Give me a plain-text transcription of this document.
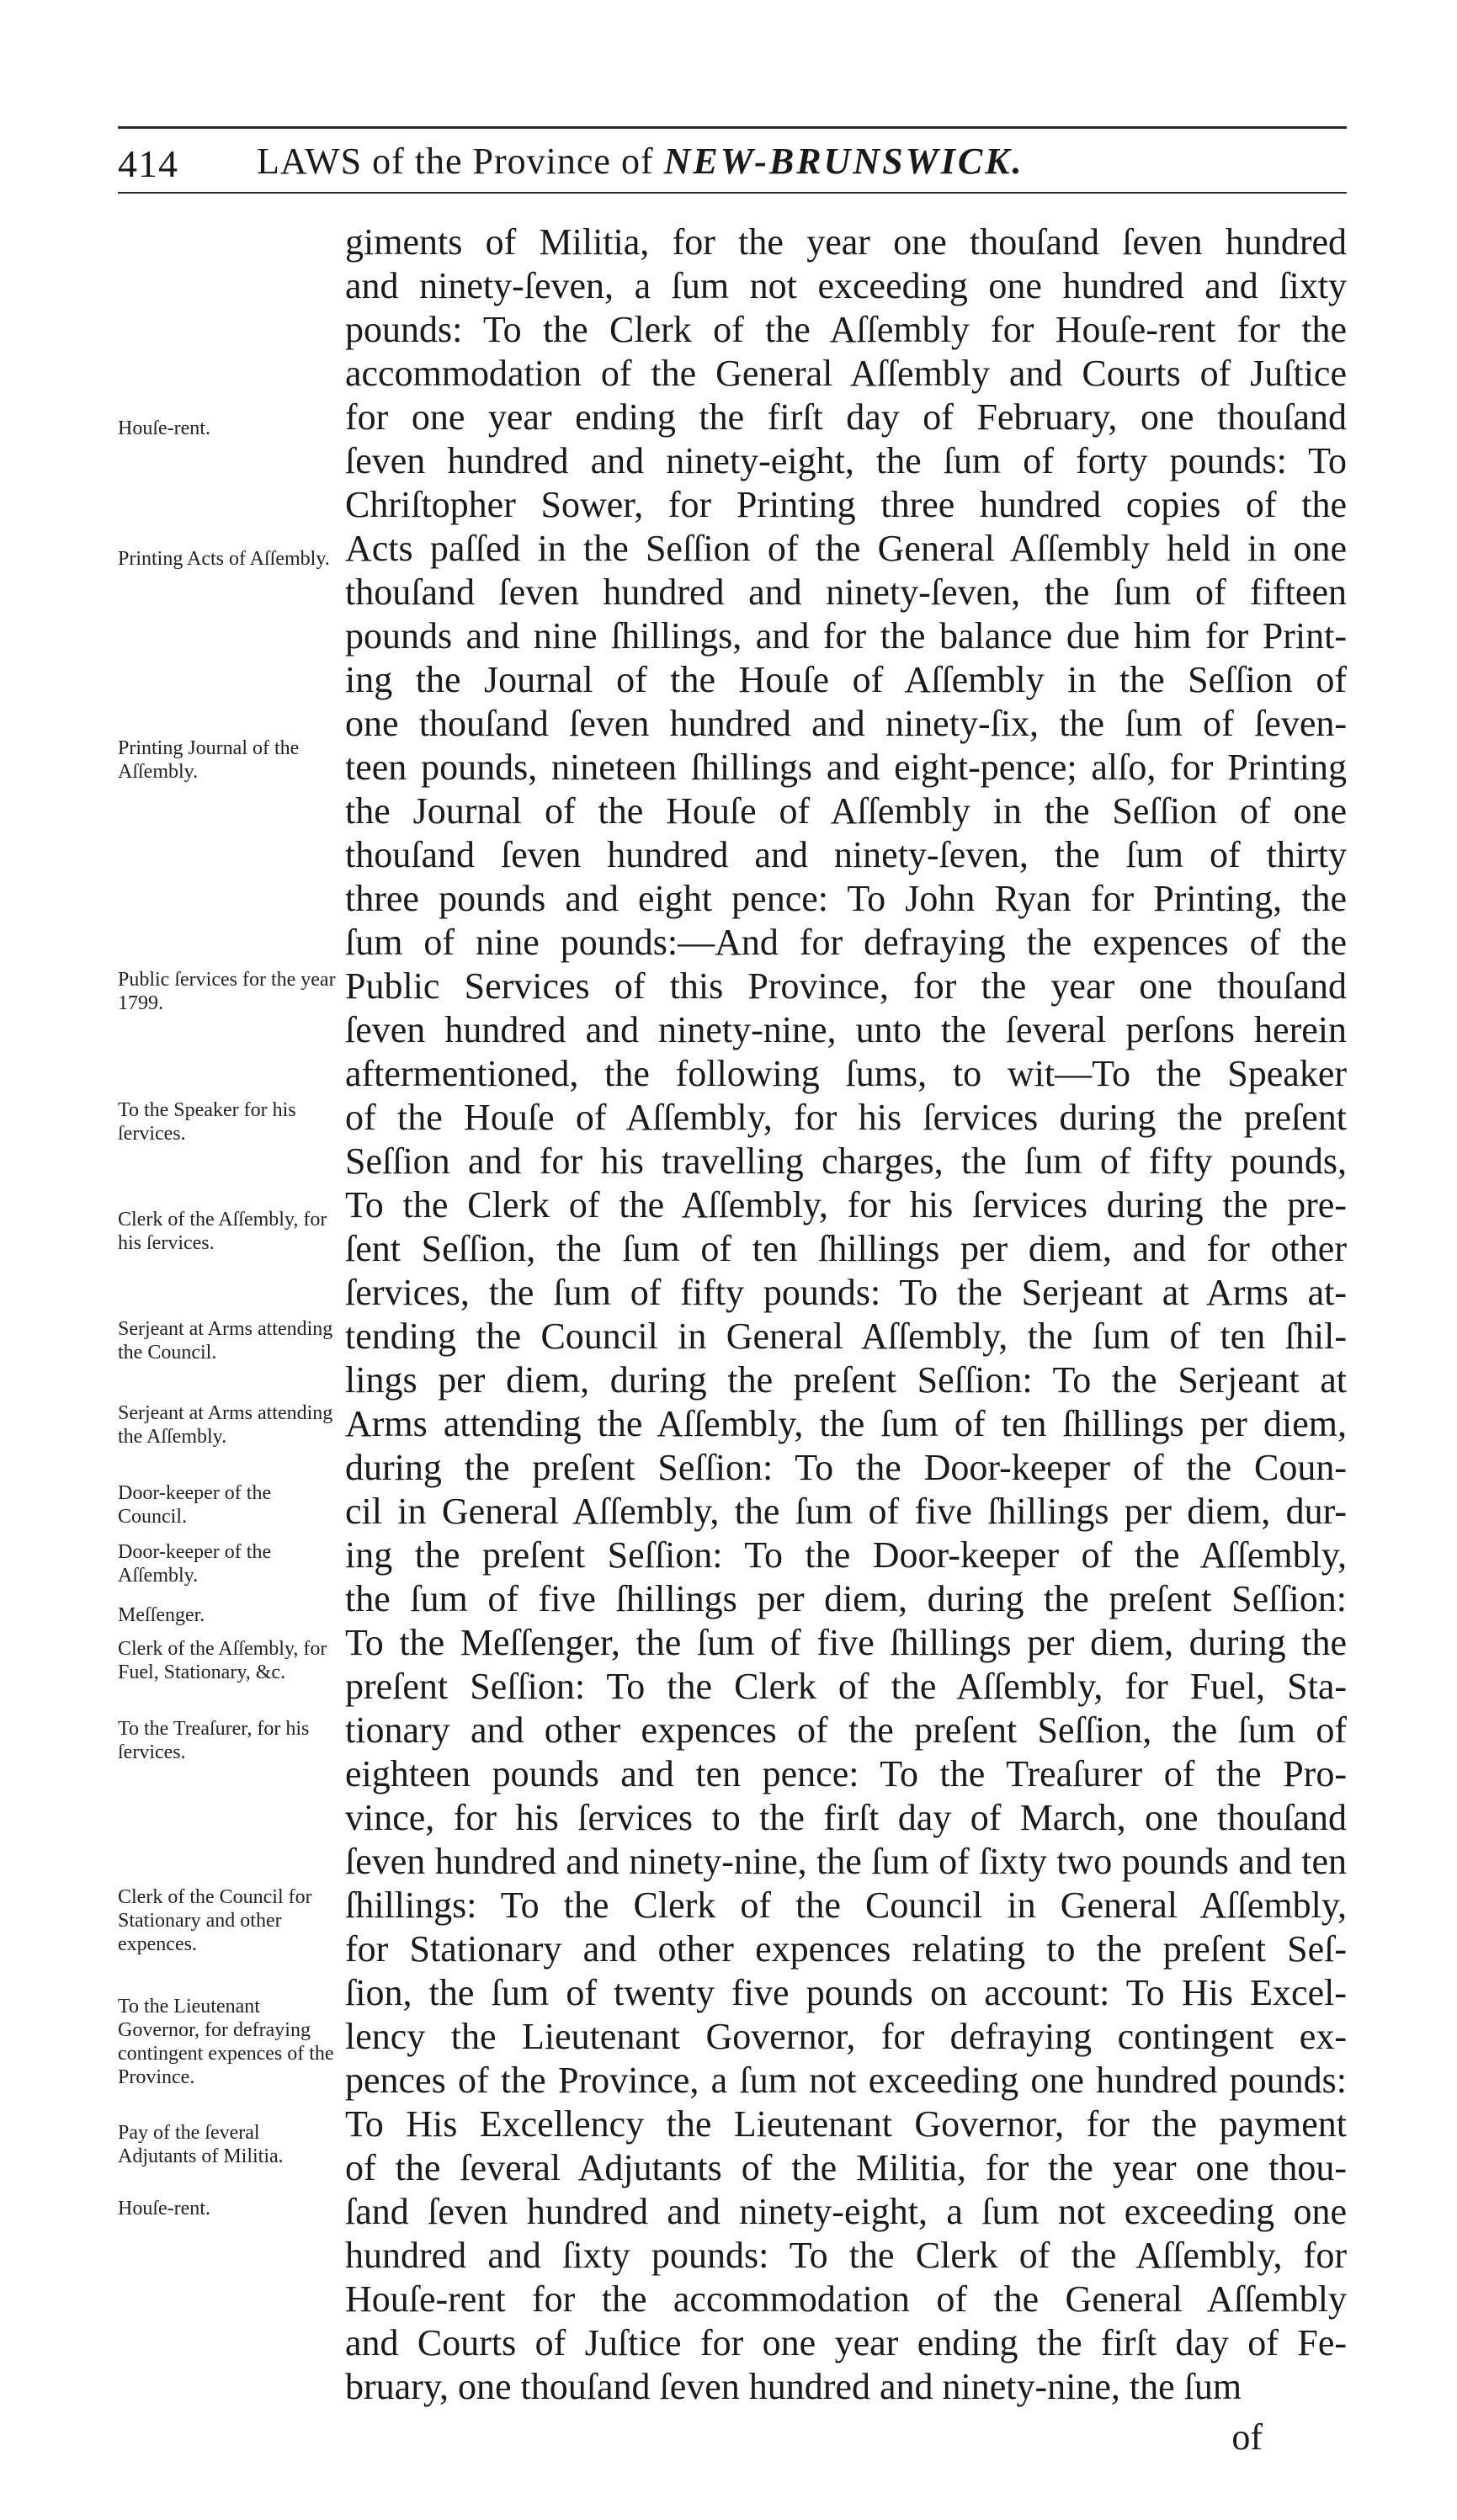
414 LAWS of the Province of NEW-BRUNSWICK.
Houſe-rent.
Printing Acts of Aſſembly.
Printing Journal of the Aſſembly.
Public ſervices for the year 1799.
To the Speaker for his ſervices.
Clerk of the Aſſembly, for his ſervices.
Serjeant at Arms attending the Council.
Serjeant at Arms attending the Aſſembly.
Door-keeper of the Council.
Door-keeper of the Aſſembly.
Meſſenger.
Clerk of the Aſſembly, for Fuel, Stationary, &c.
To the Treaſurer, for his ſervices.
Clerk of the Council for Stationary and other expences.
To the Lieutenant Governor, for defraying contingent expences of the Province.
Pay of the ſeveral Adjutants of Militia.
Houſe-rent.
giments of Militia, for the year one thouſand ſeven hundred
and ninety-ſeven, a ſum not exceeding one hundred and ſixty
pounds: To the Clerk of the Aſſembly for Houſe-rent for the
accommodation of the General Aſſembly and Courts of Juſtice
for one year ending the firſt day of February, one thouſand
ſeven hundred and ninety-eight, the ſum of forty pounds: To
Chriſtopher Sower, for Printing three hundred copies of the
Acts paſſed in the Seſſion of the General Aſſembly held in one
thouſand ſeven hundred and ninety-ſeven, the ſum of fifteen
pounds and nine ſhillings, and for the balance due him for Print-
ing the Journal of the Houſe of Aſſembly in the Seſſion of
one thouſand ſeven hundred and ninety-ſix, the ſum of ſeven-
teen pounds, nineteen ſhillings and eight-pence; alſo, for Printing
the Journal of the Houſe of Aſſembly in the Seſſion of one
thouſand ſeven hundred and ninety-ſeven, the ſum of thirty
three pounds and eight pence: To John Ryan for Printing, the
ſum of nine pounds:—And for defraying the expences of the
Public Services of this Province, for the year one thouſand
ſeven hundred and ninety-nine, unto the ſeveral perſons herein
aftermentioned, the following ſums, to wit—To the Speaker
of the Houſe of Aſſembly, for his ſervices during the preſent
Seſſion and for his travelling charges, the ſum of fifty pounds,
To the Clerk of the Aſſembly, for his ſervices during the pre-
ſent Seſſion, the ſum of ten ſhillings per diem, and for other
ſervices, the ſum of fifty pounds: To the Serjeant at Arms at-
tending the Council in General Aſſembly, the ſum of ten ſhil-
lings per diem, during the preſent Seſſion: To the Serjeant at
Arms attending the Aſſembly, the ſum of ten ſhillings per diem,
during the preſent Seſſion: To the Door-keeper of the Coun-
cil in General Aſſembly, the ſum of five ſhillings per diem, dur-
ing the preſent Seſſion: To the Door-keeper of the Aſſembly,
the ſum of five ſhillings per diem, during the preſent Seſſion:
To the Meſſenger, the ſum of five ſhillings per diem, during the
preſent Seſſion: To the Clerk of the Aſſembly, for Fuel, Sta-
tionary and other expences of the preſent Seſſion, the ſum of
eighteen pounds and ten pence: To the Treaſurer of the Pro-
vince, for his ſervices to the firſt day of March, one thouſand
ſeven hundred and ninety-nine, the ſum of ſixty two pounds and ten
ſhillings: To the Clerk of the Council in General Aſſembly,
for Stationary and other expences relating to the preſent Seſ-
ſion, the ſum of twenty five pounds on account: To His Excel-
lency the Lieutenant Governor, for defraying contingent ex-
pences of the Province, a ſum not exceeding one hundred pounds:
To His Excellency the Lieutenant Governor, for the payment
of the ſeveral Adjutants of the Militia, for the year one thou-
ſand ſeven hundred and ninety-eight, a ſum not exceeding one
hundred and ſixty pounds: To the Clerk of the Aſſembly, for
Houſe-rent for the accommodation of the General Aſſembly
and Courts of Juſtice for one year ending the firſt day of Fe-
bruary, one thouſand ſeven hundred and ninety-nine, the ſum
of
